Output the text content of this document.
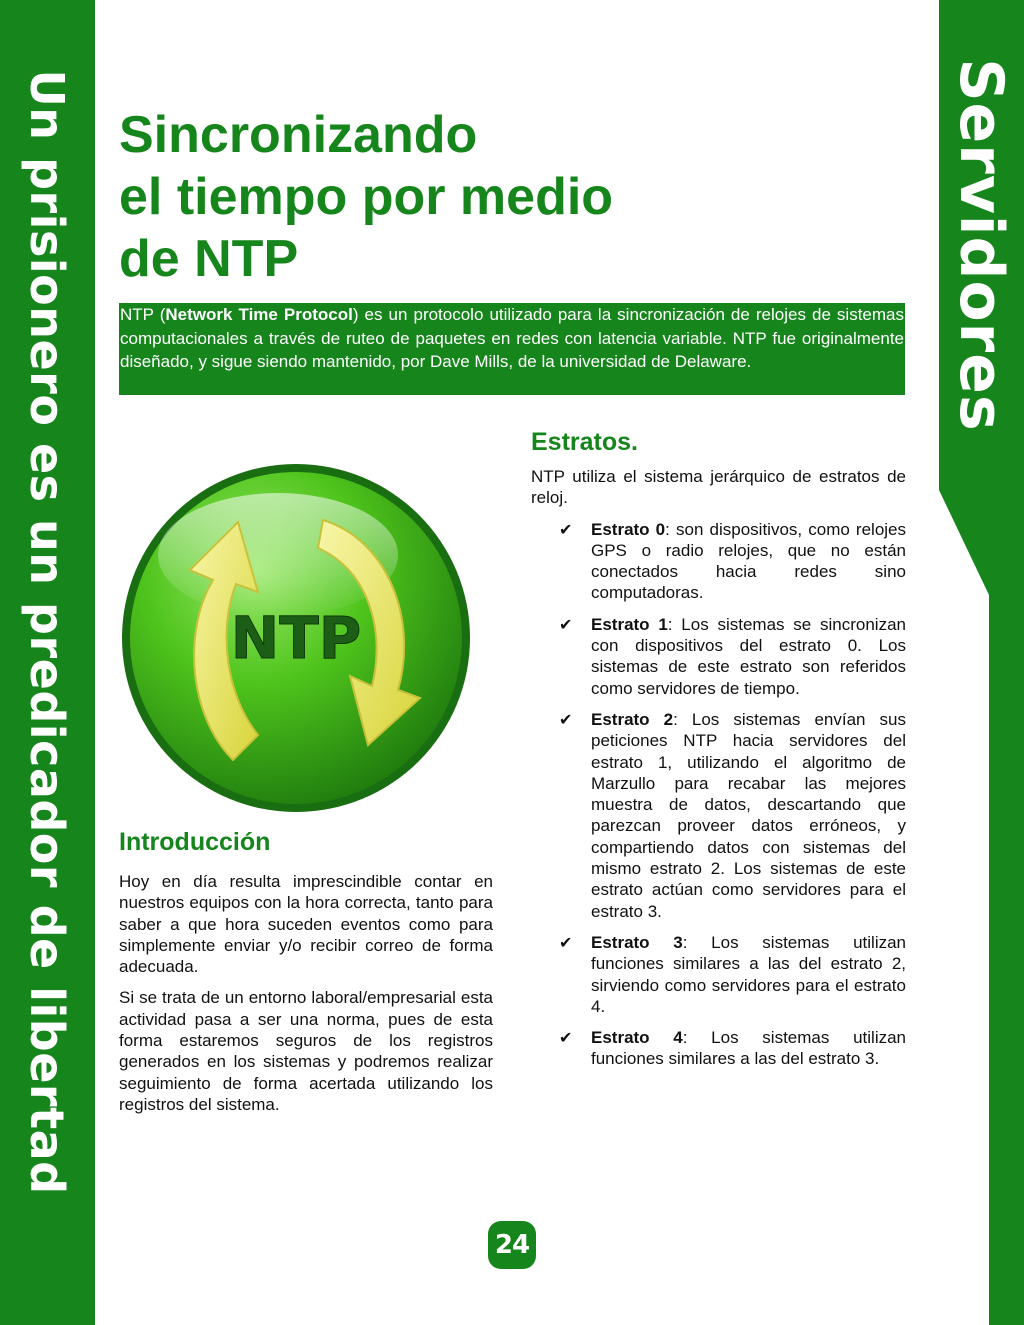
Un prisionero es un predicador de libertad	Servidores
Sincronizando
el tiempo por medio
de NTP
NTP (Network Time Protocol) es un protocolo utilizado para la sincronización de relojes de sistemas computacionales a través de ruteo de paquetes en redes con latencia variable. NTP fue originalmente diseñado, y sigue siendo mantenido, por Dave Mills, de la universidad de Delaware.
NTP
Introducción

Hoy en día resulta imprescindible contar en nuestros equipos con la hora correcta, tanto para saber a que hora suceden eventos como para simplemente enviar y/o recibir correo de forma adecuada.

Si se trata de un entorno laboral/empresarial esta actividad pasa a ser una norma, pues de esta forma estaremos seguros de los registros generados en los sistemas y podremos realizar seguimiento de forma acertada utilizando los registros del sistema.

Estratos.

NTP utiliza el sistema jerárquico de estratos de reloj.

✔ Estrato 0: son dispositivos, como relojes GPS o radio relojes, que no están conectados hacia redes sino computadoras.
✔ Estrato 1: Los sistemas se sincronizan con dispositivos del estrato 0. Los sistemas de este estrato son referidos como servidores de tiempo.
✔ Estrato 2: Los sistemas envían sus peticiones NTP hacia servidores del estrato 1, utilizando el algoritmo de Marzullo para recabar las mejores muestra de datos, descartando que parezcan proveer datos erróneos, y compartiendo datos con sistemas del mismo estrato 2. Los sistemas de este estrato actúan como servidores para el estrato 3.
✔ Estrato 3: Los sistemas utilizan funciones similares a las del estrato 2, sirviendo como servidores para el estrato 4.
✔ Estrato 4: Los sistemas utilizan funciones similares a las del estrato 3.
24
